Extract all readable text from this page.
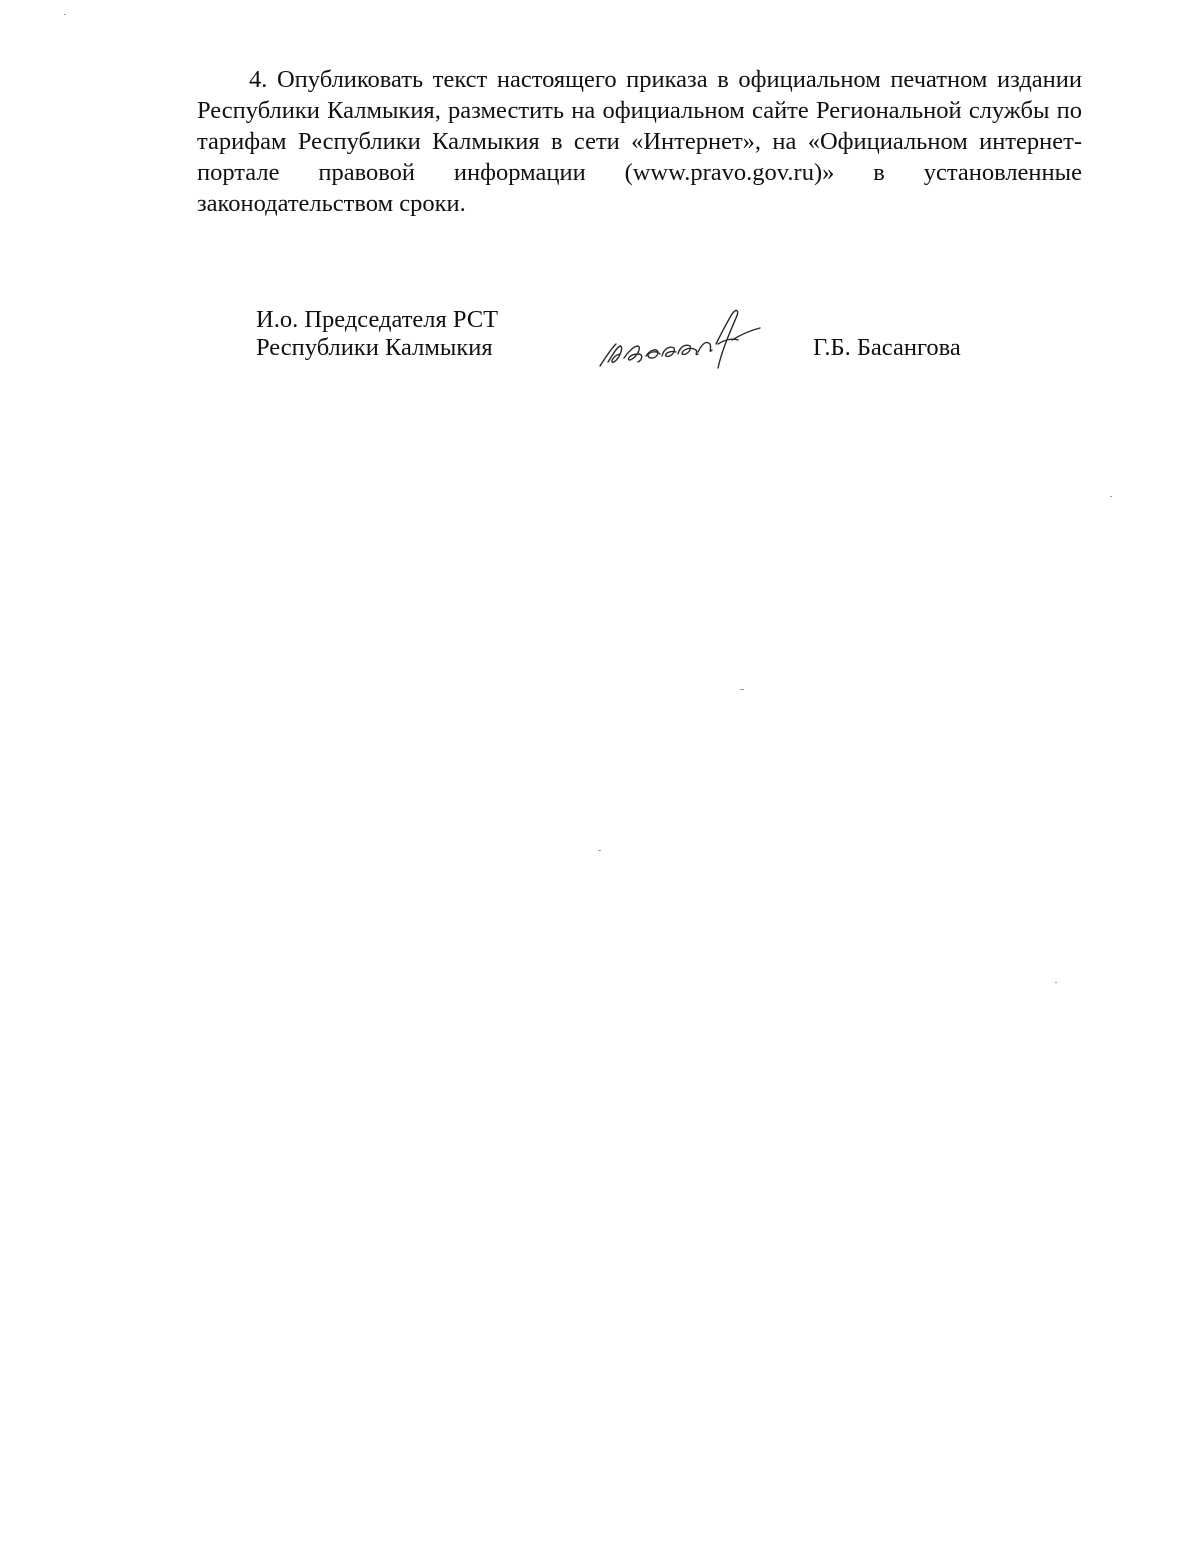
4. Опубликовать текст настоящего приказа в официальном печатном издании Республики Калмыкия, разместить на официальном сайте Региональной службы по тарифам Республики Калмыкия в сети «Интернет», на «Официальном интернет-портале правовой информации (www.pravo.gov.ru)» в установленные законодательством сроки.

И.о. Председателя РСТ
Республики Калмыкия	Г.Б. Басангова
